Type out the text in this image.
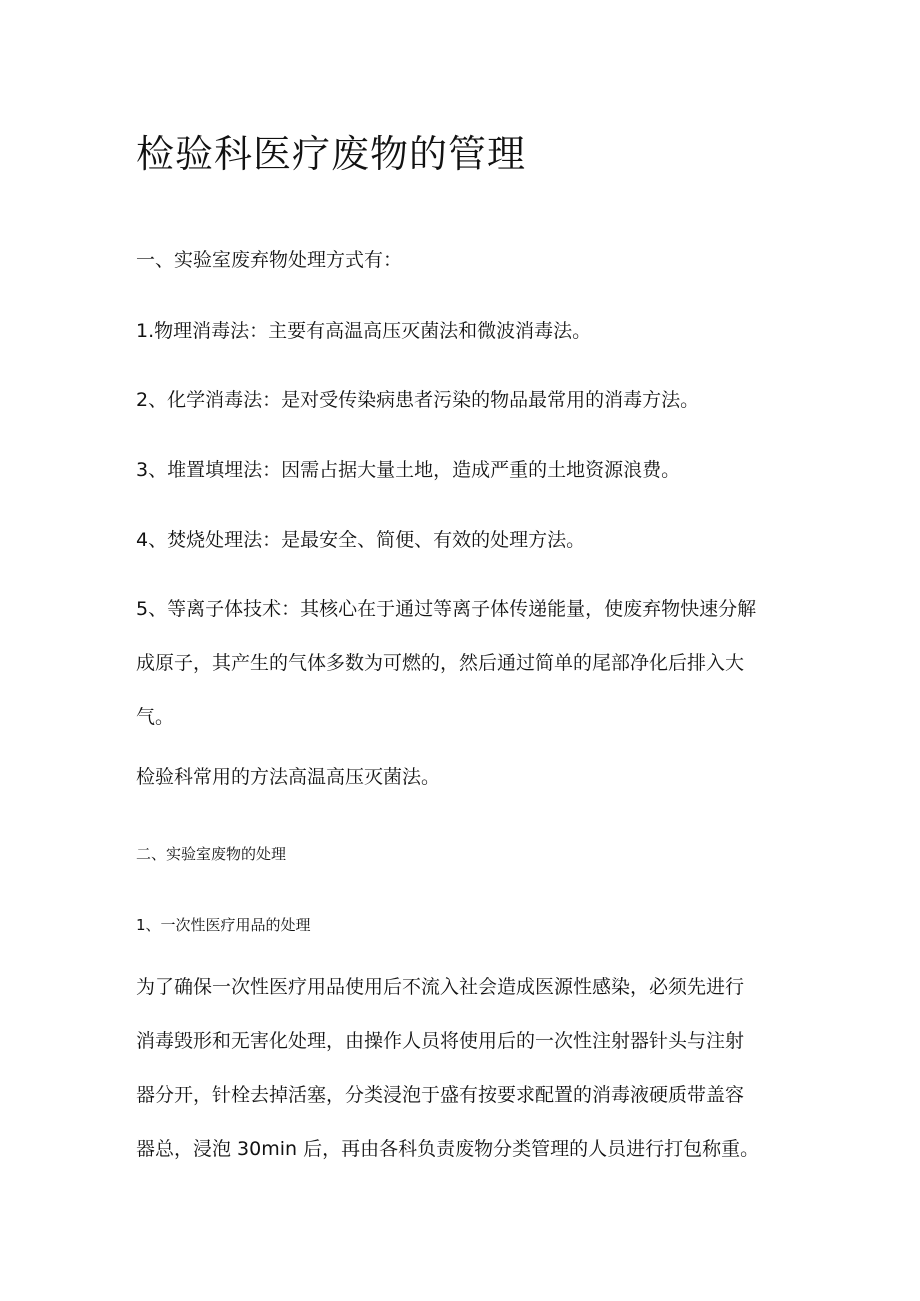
检验科医疗废物的管理
一、实验室废弃物处理方式有：
1.物理消毒法：主要有高温高压灭菌法和微波消毒法。
2、化学消毒法：是对受传染病患者污染的物品最常用的消毒方法。
3、堆置填埋法：因需占据大量土地，造成严重的土地资源浪费。
4、焚烧处理法：是最安全、简便、有效的处理方法。
5、等离子体技术：其核心在于通过等离子体传递能量，使废弃物快速分解
成原子，其产生的气体多数为可燃的，然后通过简单的尾部净化后排入大
气。
检验科常用的方法高温高压灭菌法。
二、实验室废物的处理
1、一次性医疗用品的处理
为了确保一次性医疗用品使用后不流入社会造成医源性感染，必须先进行
消毒毁形和无害化处理，由操作人员将使用后的一次性注射器针头与注射
器分开，针栓去掉活塞，分类浸泡于盛有按要求配置的消毒液硬质带盖容
器总，浸泡 30min 后，再由各科负责废物分类管理的人员进行打包称重。
